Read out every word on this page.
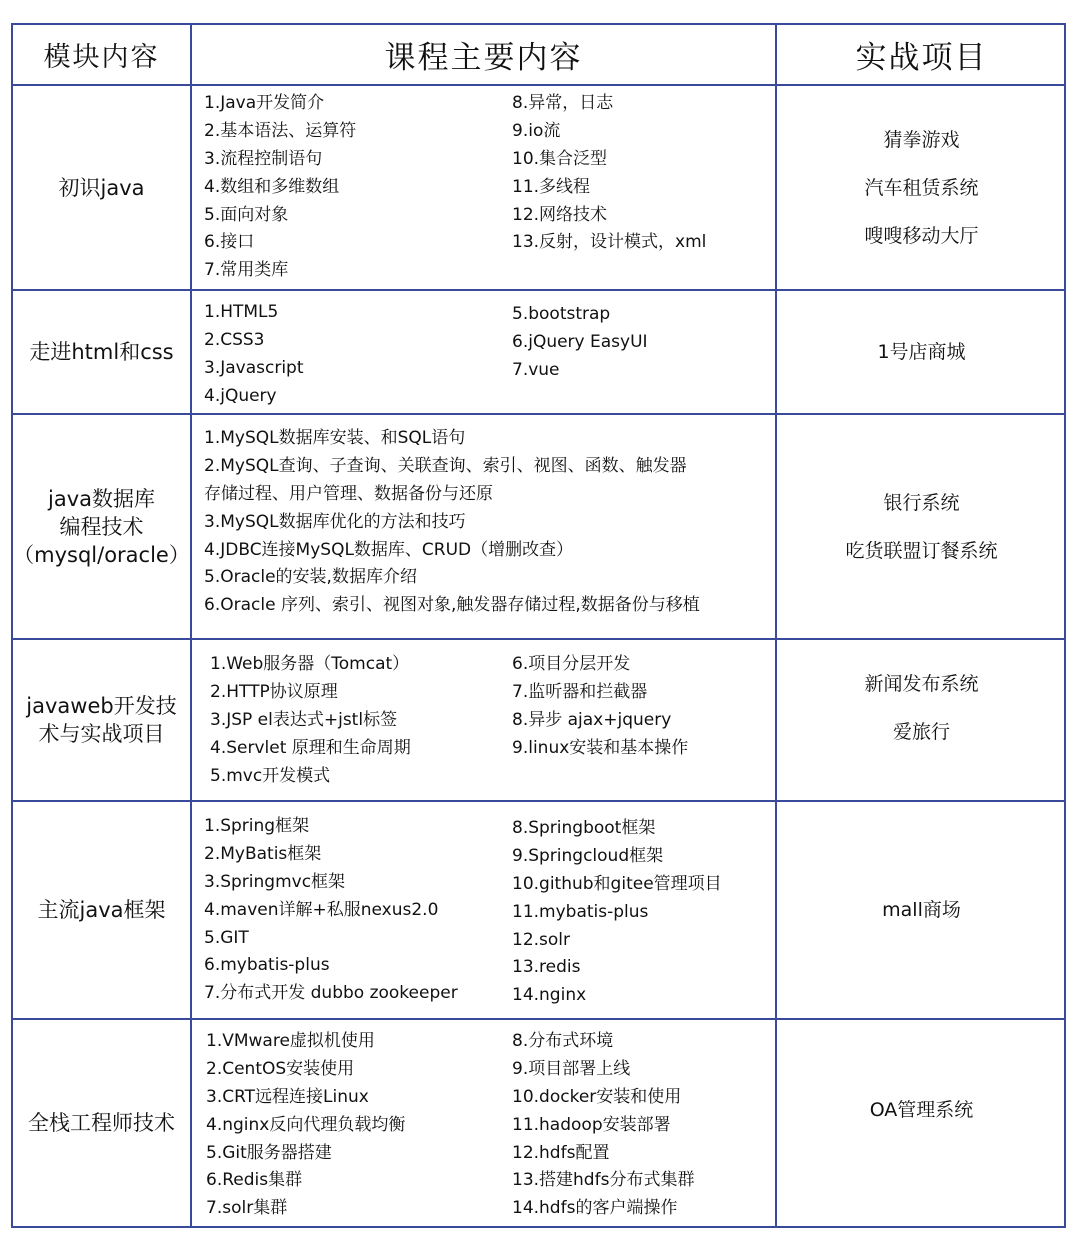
模块内容	课程主要内容	实战项目
初识java
1.Java开发简介
2.基本语法、运算符
3.流程控制语句
4.数组和多维数组
5.面向对象
6.接口
7.常用类库
8.异常，日志
9.io流
10.集合泛型
11.多线程
12.网络技术
13.反射，设计模式，xml
猜拳游戏
汽车租赁系统
嗖嗖移动大厅
走进html和css
1.HTML5
2.CSS3
3.Javascript
4.jQuery
5.bootstrap
6.jQuery EasyUI
7.vue
1号店商城
java数据库
编程技术
（mysql/oracle）
1.MySQL数据库安装、和SQL语句
2.MySQL查询、子查询、关联查询、索引、视图、函数、触发器
存储过程、用户管理、数据备份与还原
3.MySQL数据库优化的方法和技巧
4.JDBC连接MySQL数据库、CRUD（增删改查）
5.Oracle的安装,数据库介绍
6.Oracle 序列、索引、视图对象,触发器存储过程,数据备份与移植
银行系统
吃货联盟订餐系统
javaweb开发技
术与实战项目
1.Web服务器（Tomcat）
2.HTTP协议原理
3.JSP el表达式+jstl标签
4.Servlet 原理和生命周期
5.mvc开发模式
6.项目分层开发
7.监听器和拦截器
8.异步 ajax+jquery
9.linux安装和基本操作
新闻发布系统
爱旅行
主流java框架
1.Spring框架
2.MyBatis框架
3.Springmvc框架
4.maven详解+私服nexus2.0
5.GIT
6.mybatis-plus
7.分布式开发 dubbo zookeeper
8.Springboot框架
9.Springcloud框架
10.github和gitee管理项目
11.mybatis-plus
12.solr
13.redis
14.nginx
mall商场
全栈工程师技术
1.VMware虚拟机使用
2.CentOS安装使用
3.CRT远程连接Linux
4.nginx反向代理负载均衡
5.Git服务器搭建
6.Redis集群
7.solr集群
8.分布式环境
9.项目部署上线
10.docker安装和使用
11.hadoop安装部署
12.hdfs配置
13.搭建hdfs分布式集群
14.hdfs的客户端操作
OA管理系统
